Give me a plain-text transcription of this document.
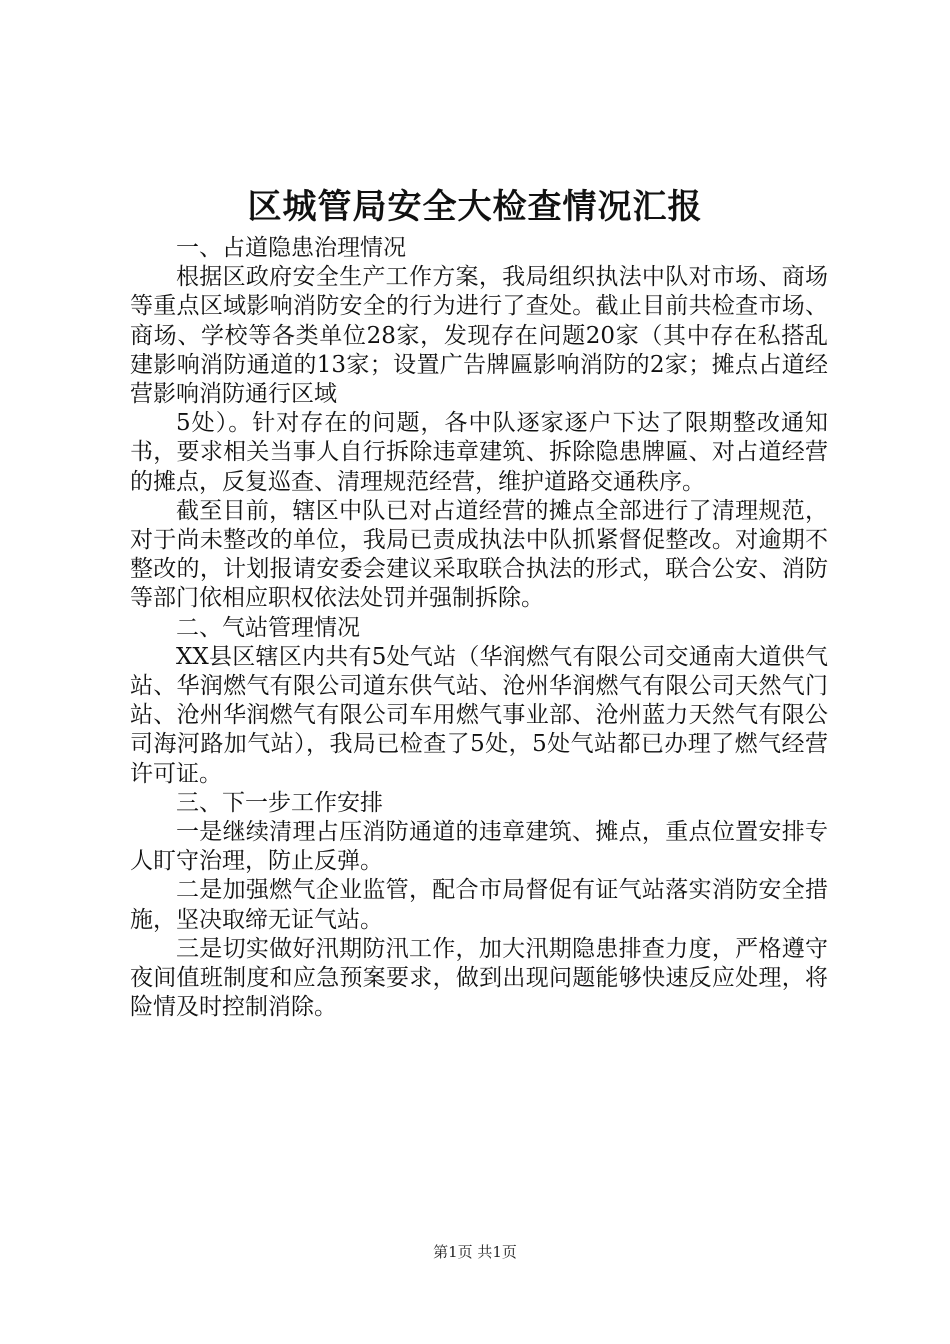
区城管局安全大检查情况汇报

一、占道隐患治理情况

根据区政府安全生产工作方案，我局组织执法中队对市场、商场等重点区域影响消防安全的行为进行了查处。截止目前共检查市场、商场、学校等各类单位28家，发现存在问题20家（其中存在私搭乱建影响消防通道的13家；设置广告牌匾影响消防的2家；摊点占道经营影响消防通行区域

5处）。针对存在的问题，各中队逐家逐户下达了限期整改通知书，要求相关当事人自行拆除违章建筑、拆除隐患牌匾、对占道经营的摊点，反复巡查、清理规范经营，维护道路交通秩序。

截至目前，辖区中队已对占道经营的摊点全部进行了清理规范，对于尚未整改的单位，我局已责成执法中队抓紧督促整改。对逾期不整改的，计划报请安委会建议采取联合执法的形式，联合公安、消防等部门依相应职权依法处罚并强制拆除。

二、气站管理情况

XX县区辖区内共有5处气站（华润燃气有限公司交通南大道供气站、华润燃气有限公司道东供气站、沧州华润燃气有限公司天然气门站、沧州华润燃气有限公司车用燃气事业部、沧州蓝力天然气有限公司海河路加气站），我局已检查了5处，5处气站都已办理了燃气经营许可证。

三、下一步工作安排

一是继续清理占压消防通道的违章建筑、摊点，重点位置安排专人盯守治理，防止反弹。

二是加强燃气企业监管，配合市局督促有证气站落实消防安全措施，坚决取缔无证气站。

三是切实做好汛期防汛工作，加大汛期隐患排查力度，严格遵守夜间值班制度和应急预案要求，做到出现问题能够快速反应处理，将险情及时控制消除。

第1页 共1页
